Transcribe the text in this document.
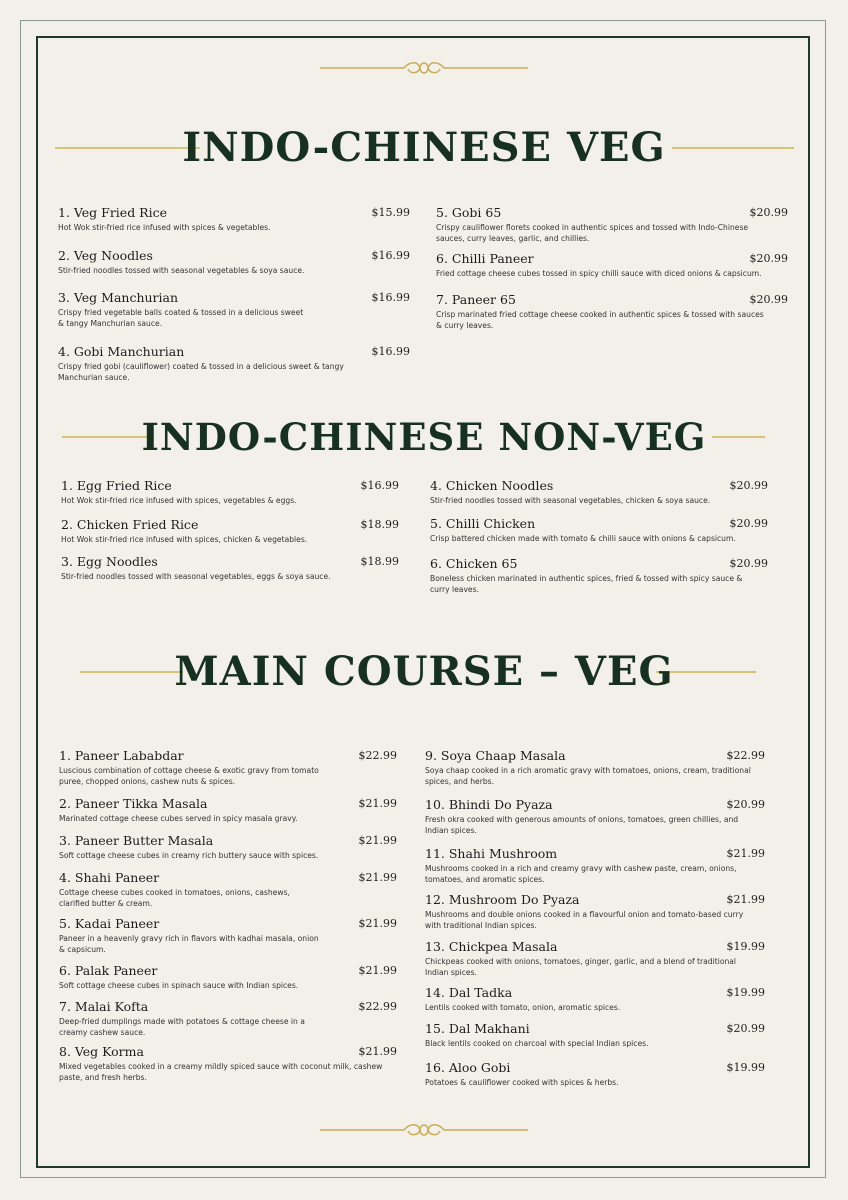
INDO-CHINESE VEG
1. Veg Fried Rice	$15.99
Hot Wok stir-fried rice infused with spices & vegetables.
2. Veg Noodles	$16.99
Stir-fried noodles tossed with seasonal vegetables & soya sauce.
3. Veg Manchurian	$16.99
Crispy fried vegetable balls coated & tossed in a delicious sweet
& tangy Manchurian sauce.
4. Gobi Manchurian	$16.99
Crispy fried gobi (cauliflower) coated & tossed in a delicious sweet & tangy
Manchurian sauce.
5. Gobi 65	$20.99
Crispy cauliflower florets cooked in authentic spices and tossed with Indo-Chinese
sauces, curry leaves, garlic, and chillies.
6. Chilli Paneer	$20.99
Fried cottage cheese cubes tossed in spicy chilli sauce with diced onions & capsicum.
7. Paneer 65	$20.99
Crisp marinated fried cottage cheese cooked in authentic spices & tossed with sauces
& curry leaves.
INDO-CHINESE NON-VEG
1. Egg Fried Rice	$16.99
Hot Wok stir-fried rice infused with spices, vegetables & eggs.
2. Chicken Fried Rice	$18.99
Hot Wok stir-fried rice infused with spices, chicken & vegetables.
3. Egg Noodles	$18.99
Stir-fried noodles tossed with seasonal vegetables, eggs & soya sauce.
4. Chicken Noodles	$20.99
Stir-fried noodles tossed with seasonal vegetables, chicken & soya sauce.
5. Chilli Chicken	$20.99
Crisp battered chicken made with tomato & chilli sauce with onions & capsicum.
6. Chicken 65	$20.99
Boneless chicken marinated in authentic spices, fried & tossed with spicy sauce &
curry leaves.
MAIN COURSE – VEG
1. Paneer Lababdar	$22.99
Luscious combination of cottage cheese & exotic gravy from tomato
puree, chopped onions, cashew nuts & spices.
2. Paneer Tikka Masala	$21.99
Marinated cottage cheese cubes served in spicy masala gravy.
3. Paneer Butter Masala	$21.99
Soft cottage cheese cubes in creamy rich buttery sauce with spices.
4. Shahi Paneer	$21.99
Cottage cheese cubes cooked in tomatoes, onions, cashews,
clarified butter & cream.
5. Kadai Paneer	$21.99
Paneer in a heavenly gravy rich in flavors with kadhai masala, onion
& capsicum.
6. Palak Paneer	$21.99
Soft cottage cheese cubes in spinach sauce with Indian spices.
7. Malai Kofta	$22.99
Deep-fried dumplings made with potatoes & cottage cheese in a
creamy cashew sauce.
8. Veg Korma	$21.99
Mixed vegetables cooked in a creamy mildly spiced sauce with coconut milk, cashew
paste, and fresh herbs.
9. Soya Chaap Masala	$22.99
Soya chaap cooked in a rich aromatic gravy with tomatoes, onions, cream, traditional
spices, and herbs.
10. Bhindi Do Pyaza	$20.99
Fresh okra cooked with generous amounts of onions, tomatoes, green chillies, and
Indian spices.
11. Shahi Mushroom	$21.99
Mushrooms cooked in a rich and creamy gravy with cashew paste, cream, onions,
tomatoes, and aromatic spices.
12. Mushroom Do Pyaza	$21.99
Mushrooms and double onions cooked in a flavourful onion and tomato-based curry
with traditional Indian spices.
13. Chickpea Masala	$19.99
Chickpeas cooked with onions, tomatoes, ginger, garlic, and a blend of traditional
Indian spices.
14. Dal Tadka	$19.99
Lentils cooked with tomato, onion, aromatic spices.
15. Dal Makhani	$20.99
Black lentils cooked on charcoal with special Indian spices.
16. Aloo Gobi	$19.99
Potatoes & cauliflower cooked with spices & herbs.
